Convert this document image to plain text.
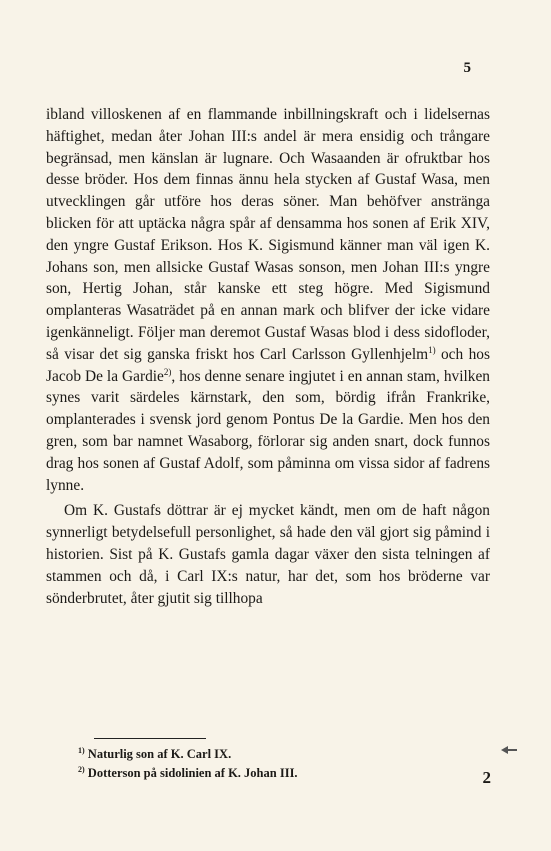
5

ibland villoskenen af en flammande inbillningskraft och i lidelsernas häftighet, medan åter Johan III:s andel är mera ensidig och trångare begränsad, men känslan är lugnare. Och Wasaanden är ofruktbar hos desse bröder. Hos dem finnas ännu hela stycken af Gustaf Wasa, men utvecklingen går utföre hos deras söner. Man behöfver anstränga blicken för att uptäcka några spår af densamma hos sonen af Erik XIV, den yngre Gustaf Erikson. Hos K. Sigismund känner man väl igen K. Johans son, men allsicke Gustaf Wasas sonson, men Johan III:s yngre son, Hertig Johan, står kanske ett steg högre. Med Sigismund omplanteras Wasaträdet på en annan mark och blifver der icke vidare igenkänneligt. Följer man deremot Gustaf Wasas blod i dess sidofloder, så visar det sig ganska friskt hos Carl Carlsson Gyllenhjelm$^{1)}$ och hos Jacob De la Gardie$^{2)}$, hos denne senare ingjutet i en annan stam, hvilken synes varit särdeles kärnstark, den som, bördig ifrån Frankrike, omplanterades i svensk jord genom Pontus De la Gardie. Men hos den gren, som bar namnet Wasaborg, förlorar sig anden snart, dock funnos drag hos sonen af Gustaf Adolf, som påminna om vissa sidor af fadrens lynne.

Om K. Gustafs döttrar är ej mycket kändt, men om de haft någon synnerligt betydelsefull personlighet, så hade den väl gjort sig påmind i historien. Sist på K. Gustafs gamla dagar växer den sista telningen af stammen och då, i Carl IX:s natur, har det, som hos bröderne var sönderbrutet, åter gjutit sig tillhopa

$^{1)}$ Naturlig son af K. Carl IX.
$^{2)}$ Dotterson på sidolinien af K. Johan III.	2
